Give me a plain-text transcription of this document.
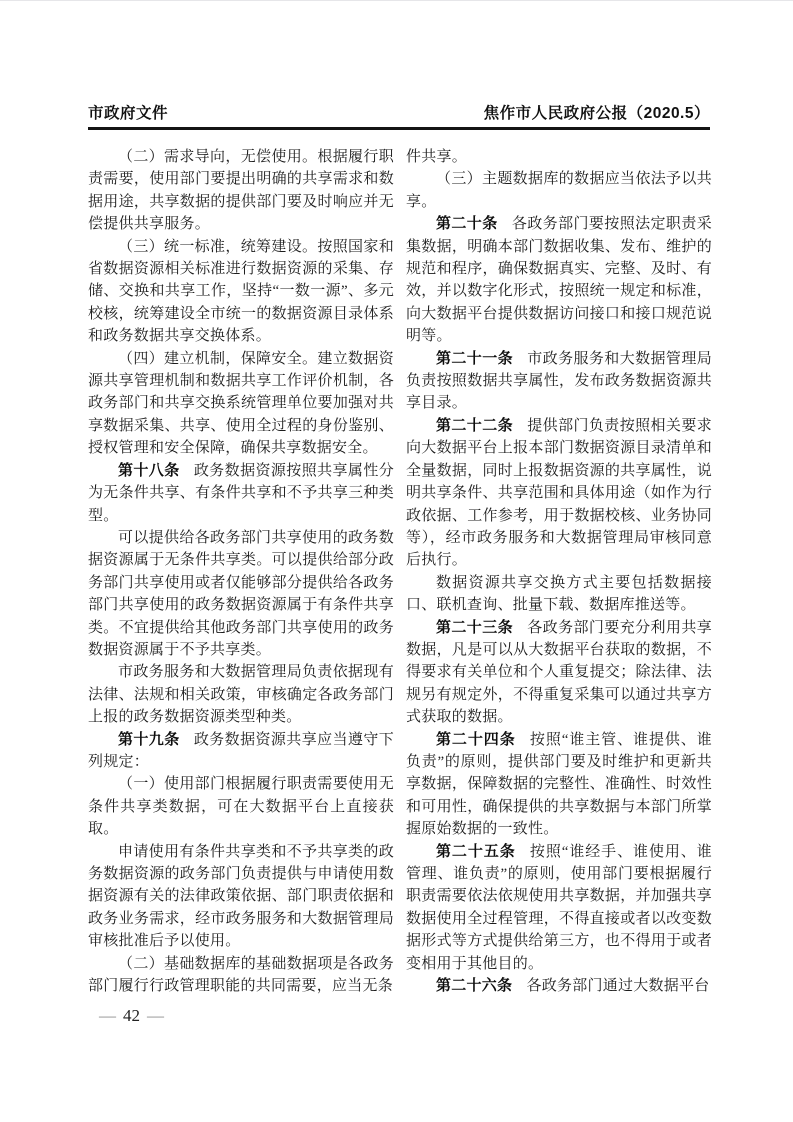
市政府文件	焦作市人民政府公报（2020.5）

（二）需求导向，无偿使用。根据履行职责需要，使用部门要提出明确的共享需求和数据用途，共享数据的提供部门要及时响应并无偿提供共享服务。

（三）统一标准，统筹建设。按照国家和省数据资源相关标准进行数据资源的采集、存储、交换和共享工作，坚持“一数一源”、多元校核，统筹建设全市统一的数据资源目录体系和政务数据共享交换体系。

（四）建立机制，保障安全。建立数据资源共享管理机制和数据共享工作评价机制，各政务部门和共享交换系统管理单位要加强对共享数据采集、共享、使用全过程的身份鉴别、授权管理和安全保障，确保共享数据安全。

第十八条 政务数据资源按照共享属性分为无条件共享、有条件共享和不予共享三种类型。

可以提供给各政务部门共享使用的政务数据资源属于无条件共享类。可以提供给部分政务部门共享使用或者仅能够部分提供给各政务部门共享使用的政务数据资源属于有条件共享类。不宜提供给其他政务部门共享使用的政务数据资源属于不予共享类。

市政务服务和大数据管理局负责依据现有法律、法规和相关政策，审核确定各政务部门上报的政务数据资源类型种类。

第十九条 政务数据资源共享应当遵守下列规定：

（一）使用部门根据履行职责需要使用无条件共享类数据，可在大数据平台上直接获取。

申请使用有条件共享类和不予共享类的政务数据资源的政务部门负责提供与申请使用数据资源有关的法律政策依据、部门职责依据和政务业务需求，经市政务服务和大数据管理局审核批准后予以使用。

（二）基础数据库的基础数据项是各政务部门履行行政管理职能的共同需要，应当无条

件共享。

（三）主题数据库的数据应当依法予以共享。

第二十条 各政务部门要按照法定职责采集数据，明确本部门数据收集、发布、维护的规范和程序，确保数据真实、完整、及时、有效，并以数字化形式，按照统一规定和标准，向大数据平台提供数据访问接口和接口规范说明等。

第二十一条 市政务服务和大数据管理局负责按照数据共享属性，发布政务数据资源共享目录。

第二十二条 提供部门负责按照相关要求向大数据平台上报本部门数据资源目录清单和全量数据，同时上报数据资源的共享属性，说明共享条件、共享范围和具体用途（如作为行政依据、工作参考，用于数据校核、业务协同等），经市政务服务和大数据管理局审核同意后执行。

数据资源共享交换方式主要包括数据接口、联机查询、批量下载、数据库推送等。

第二十三条 各政务部门要充分利用共享数据，凡是可以从大数据平台获取的数据，不得要求有关单位和个人重复提交；除法律、法规另有规定外，不得重复采集可以通过共享方式获取的数据。

第二十四条 按照“谁主管、谁提供、谁负责”的原则，提供部门要及时维护和更新共享数据，保障数据的完整性、准确性、时效性和可用性，确保提供的共享数据与本部门所掌握原始数据的一致性。

第二十五条 按照“谁经手、谁使用、谁管理、谁负责”的原则，使用部门要根据履行职责需要依法依规使用共享数据，并加强共享数据使用全过程管理，不得直接或者以改变数据形式等方式提供给第三方，也不得用于或者变相用于其他目的。

第二十六条 各政务部门通过大数据平台

— 42 —
